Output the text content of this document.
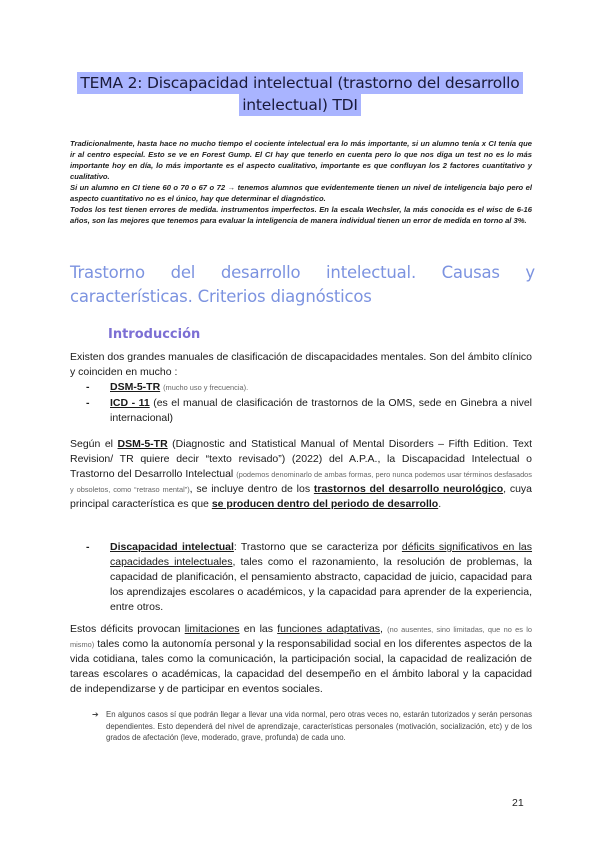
TEMA 2: Discapacidad intelectual (trastorno del desarrollo
intelectual) TDI

Tradicionalmente, hasta hace no mucho tiempo el cociente intelectual era lo más importante, si un alumno tenía x CI tenía que ir al centro especial. Esto se ve en Forest Gump. El CI hay que tenerlo en cuenta pero lo que nos diga un test no es lo más importante hoy en día, lo más importante es el aspecto cualitativo, importante es que confluyan los 2 factores cuantitativo y cualitativo.

Si un alumno en CI tiene 60 o 70 o 67 o 72 → tenemos alumnos que evidentemente tienen un nivel de inteligencia bajo pero el aspecto cuantitativo no es el único, hay que determinar el diagnóstico.

Todos los test tienen errores de medida. instrumentos imperfectos. En la escala Wechsler, la más conocida es el wisc de 6-16 años, son las mejores que tenemos para evaluar la inteligencia de manera individual tienen un error de medida en torno al 3%.

Trastorno del desarrollo intelectual. Causas y características. Criterios diagnósticos
Introducción
Existen dos grandes manuales de clasificación de discapacidades mentales. Son del ámbito clínico y coinciden en mucho :
-	DSM-5-TR (mucho uso y frecuencia).
-	ICD - 11 (es el manual de clasificación de trastornos de la OMS, sede en Ginebra a nivel internacional)
Según el DSM-5-TR (Diagnostic and Statistical Manual of Mental Disorders – Fifth Edition. Text Revision/ TR quiere decir “texto revisado”) (2022) del A.P.A., la Discapacidad Intelectual o Trastorno del Desarrollo Intelectual (podemos denominarlo de ambas formas, pero nunca podemos usar términos desfasados y obsoletos, como “retraso mental”), se incluye dentro de los trastornos del desarrollo neurológico, cuya principal característica es que se producen dentro del periodo de desarrollo.
-	Discapacidad intelectual: Trastorno que se caracteriza por déficits significativos en las capacidades intelectuales, tales como el razonamiento, la resolución de problemas, la capacidad de planificación, el pensamiento abstracto, capacidad de juicio, capacidad para los aprendizajes escolares o académicos, y la capacidad para aprender de la experiencia, entre otros.
Estos déficits provocan limitaciones en las funciones adaptativas, (no ausentes, sino limitadas, que no es lo mismo) tales como la autonomía personal y la responsabilidad social en los diferentes aspectos de la vida cotidiana, tales como la comunicación, la participación social, la capacidad de realización de tareas escolares o académicas, la capacidad del desempeño en el ámbito laboral y la capacidad de independizarse y de participar en eventos sociales.
➔ En algunos casos sí que podrán llegar a llevar una vida normal, pero otras veces no, estarán tutorizados y serán personas dependientes. Esto dependerá del nivel de aprendizaje, características personales (motivación, socialización, etc) y de los grados de afectación (leve, moderado, grave, profunda) de cada uno.
21
